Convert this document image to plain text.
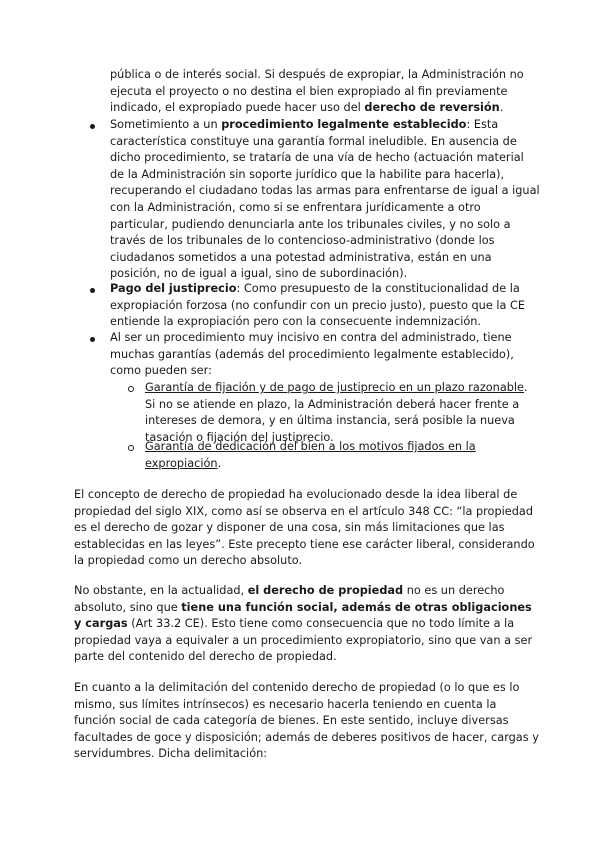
pública o de interés social. Si después de expropiar, la Administración no ejecuta el proyecto o no destina el bien expropiado al fin previamente indicado, el expropiado puede hacer uso del derecho de reversión.
Sometimiento a un procedimiento legalmente establecido: Esta característica constituye una garantía formal ineludible. En ausencia de dicho procedimiento, se trataría de una vía de hecho (actuación material de la Administración sin soporte jurídico que la habilite para hacerla), recuperando el ciudadano todas las armas para enfrentarse de igual a igual con la Administración, como si se enfrentara jurídicamente a otro particular, pudiendo denunciarla ante los tribunales civiles, y no solo a través de los tribunales de lo contencioso-administrativo (donde los ciudadanos sometidos a una potestad administrativa, están en una posición, no de igual a igual, sino de subordinación).
Pago del justiprecio: Como presupuesto de la constitucionalidad de la expropiación forzosa (no confundir con un precio justo), puesto que la CE entiende la expropiación pero con la consecuente indemnización.
Al ser un procedimiento muy incisivo en contra del administrado, tiene muchas garantías (además del procedimiento legalmente establecido), como pueden ser:
Garantía de fijación y de pago de justiprecio en un plazo razonable. Si no se atiende en plazo, la Administración deberá hacer frente a intereses de demora, y en última instancia, será posible la nueva tasación o fijación del justiprecio.
Garantía de dedicación del bien a los motivos fijados en la expropiación.

El concepto de derecho de propiedad ha evolucionado desde la idea liberal de propiedad del siglo XIX, como así se observa en el artículo 348 CC: “la propiedad es el derecho de gozar y disponer de una cosa, sin más limitaciones que las establecidas en las leyes”. Este precepto tiene ese carácter liberal, considerando la propiedad como un derecho absoluto.

No obstante, en la actualidad, el derecho de propiedad no es un derecho absoluto, sino que tiene una función social, además de otras obligaciones y cargas (Art 33.2 CE). Esto tiene como consecuencia que no todo límite a la propiedad vaya a equivaler a un procedimiento expropiatorio, sino que van a ser parte del contenido del derecho de propiedad.

En cuanto a la delimitación del contenido derecho de propiedad (o lo que es lo mismo, sus límites intrínsecos) es necesario hacerla teniendo en cuenta la función social de cada categoría de bienes. En este sentido, incluye diversas facultades de goce y disposición; además de deberes positivos de hacer, cargas y servidumbres. Dicha delimitación:
